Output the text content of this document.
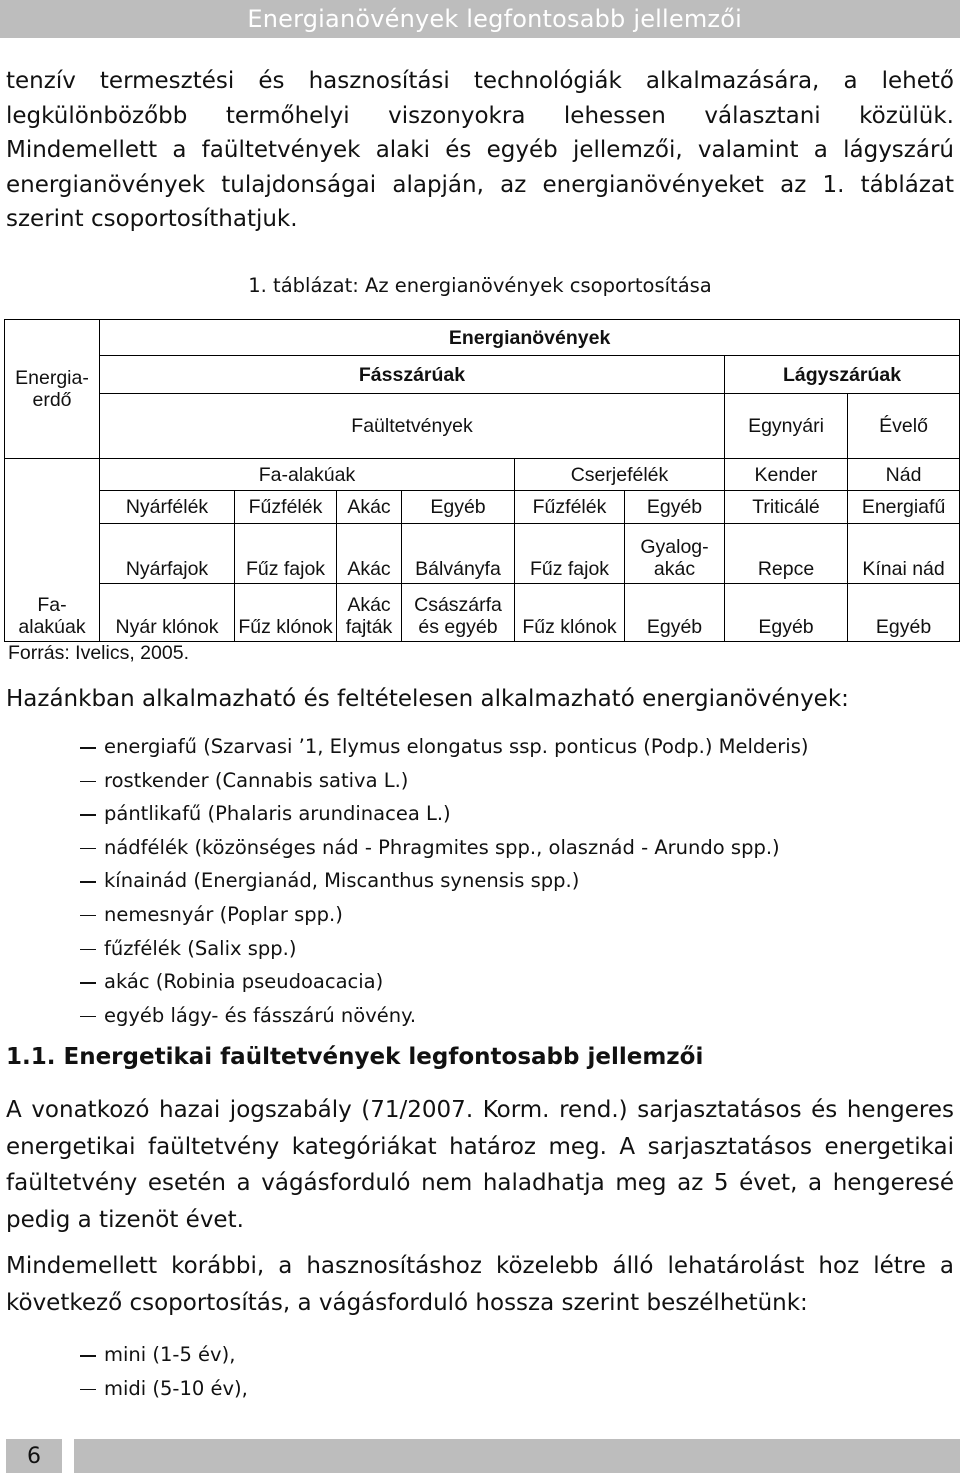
Energianövények legfontosabb jellemzői
tenzív termesztési és hasznosítási technológiák alkalmazására, a lehető legkülönbözőbb termőhelyi viszonyokra lehessen választani közülük. Mindemellett a faültetvények alaki és egyéb jellemzői, valamint a lágyszárú energianövények tulajdonságai alapján, az energianövényeket az 1. táblázat szerint csoportosíthatjuk.
1. táblázat: Az energianövények csoportosítása
Energia-erdő	Energianövények							
	Fásszárúak						Lágyszárúak	
	Faültetvények						Egynyári	Évelő
Fa-alakúak	Fa-alakúak				Cserjefélék		Kender	Nád
	Nyárfélék	Fűzfélék	Akác	Egyéb	Fűzfélék	Egyéb	Triticálé	Energiafű
	Nyárfajok	Fűz fajok	Akác	Bálványfa	Fűz fajok	Gyalog-akác	Repce	Kínai nád
	Nyár klónok	Fűz klónok	Akác fajták	Császárfa és egyéb	Fűz klónok	Egyéb	Egyéb	Egyéb
Forrás: Ivelics, 2005.
Hazánkban alkalmazható és feltételesen alkalmazható energianövények:
energiafű (Szarvasi ’1, Elymus elongatus ssp. ponticus (Podp.) Melderis)
rostkender (Cannabis sativa L.)
pántlikafű (Phalaris arundinacea L.)
nádfélék (közönséges nád - Phragmites spp., olasznád - Arundo spp.)
kínainád (Energianád, Miscanthus synensis spp.)
nemesnyár (Poplar spp.)
fűzfélék (Salix spp.)
akác (Robinia pseudoacacia)
egyéb lágy- és fásszárú növény.
1.1. Energetikai faültetvények legfontosabb jellemzői
A vonatkozó hazai jogszabály (71/2007. Korm. rend.) sarjasztatásos és hengeres energetikai faültetvény kategóriákat határoz meg. A sarjasztatásos energetikai faültetvény esetén a vágásforduló nem haladhatja meg az 5 évet, a hengeresé pedig a tizenöt évet.
Mindemellett korábbi, a hasznosításhoz közelebb álló lehatárolást hoz létre a következő csoportosítás, a vágásforduló hossza szerint beszélhetünk:
mini (1-5 év),
midi (5-10 év),
6
